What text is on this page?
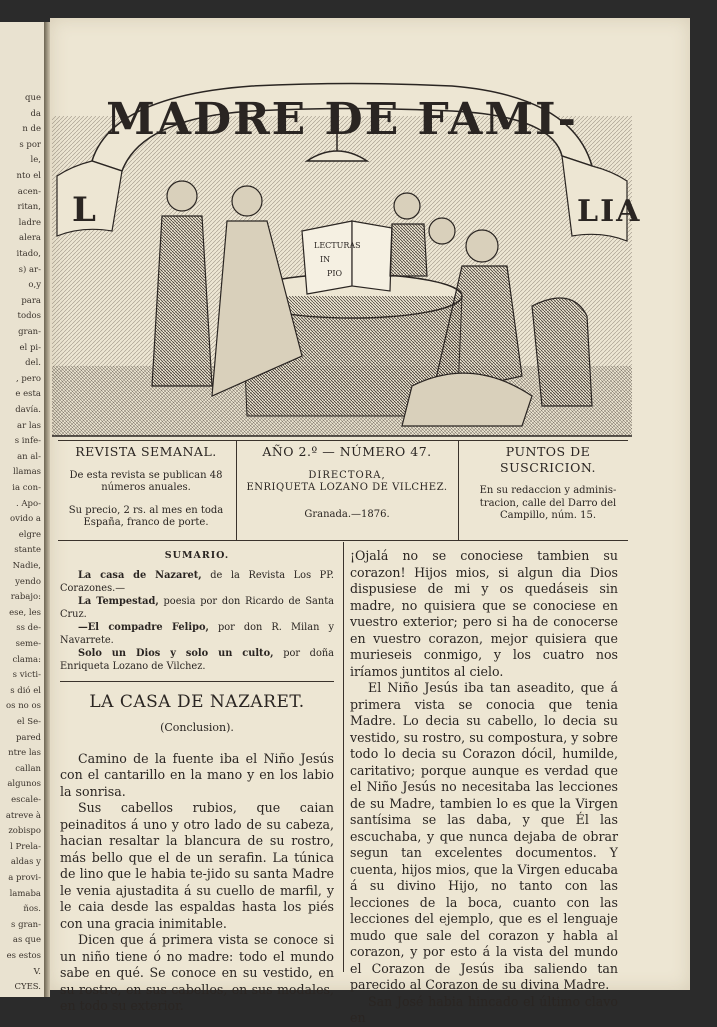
que
da
n de
s por
le,
nto el
acen-
ritan,
ladre
alera
itado,
s) ar-
o,y
para
todos
gran-
el pi-
del.
, pero
e esta
davía.
ar las
s infe-
an al-
llamas
ia con-
. Apo-
ovido a
elgre
stante
Nadie,
yendo
rabajo:
ese, les
ss de-
seme-
clama:
s victi-
s dió el
os no os
el Se-
pared
ntre las
callan
algunos
escale-
atreve à
zobispo
l Prela-
aldas y
a provi-
lamaba
ños.
s gran-
as que
es estos
V.
CYES.
MADRE DE FAMI-
L	LIA
LECTURAS
IN
PIO
REVISTA SEMANAL.
De esta revista se publican 48 números anuales.
Su precio, 2 rs. al mes en toda España, franco de porte.
AÑO 2.º — NÚMERO 47.
DIRECTORA,
ENRIQUETA LOZANO DE VILCHEZ.
Granada.—1876.
PUNTOS DE SUSCRICION.
En su redaccion y adminis- tracion, calle del Darro del Campillo, núm. 15.
SUMARIO.

La casa de Nazaret, de la Revista Los PP. Corazones.—

La Tempestad, poesia por don Ricardo de Santa Cruz.

—El compadre Felipo, por don R. Milan y Navarrete.

Solo un Dios y solo un culto, por doña Enriqueta Lozano de Vilchez.

LA CASA DE NAZARET.
(Conclusion).

Camino de la fuente iba el Niño Jesús con el cantarillo en la mano y en los labio la sonrisa.

Sus cabellos rubios, que caian peinaditos á uno y otro lado de su cabeza, hacian resaltar la blancura de su rostro, más bello que el de un serafin. La túnica de lino que le habia te-jido su santa Madre le venia ajustadita á su cuello de marfil, y le caia desde las espaldas hasta los piés con una gracia inimitable.

Dicen que á primera vista se conoce si un niño tiene ó no madre: todo el mundo sabe en qué. Se conoce en su vestido, en su rostro, en sus cabellos, en sus modales, en todo su exterior.

¡Ojalá no se conociese tambien su corazon! Hijos mios, si algun dia Dios dispusiese de mi y os quedáseis sin madre, no quisiera que se conociese en vuestro exterior; pero si ha de conocerse en vuestro corazon, mejor quisiera que murieseis conmigo, y los cuatro nos iríamos juntitos al cielo.

El Niño Jesús iba tan aseadito, que á primera vista se conocia que tenia Madre. Lo decia su cabello, lo decia su vestido, su rostro, su compostura, y sobre todo lo decia su Corazon dócil, humilde, caritativo; porque aunque es verdad que el Niño Jesús no necesitaba las lecciones de su Madre, tambien lo es que la Virgen santísima se las daba, y que Él las escuchaba, y que nunca dejaba de obrar segun tan excelentes documentos. Y cuenta, hijos mios, que la Virgen educaba á su divino Hijo, no tanto con las lecciones de la boca, cuanto con las lecciones del ejemplo, que es el lenguaje mudo que sale del corazon y habla al corazon, y por esto á la vista del mundo el Corazon de Jesús iba saliendo tan parecido al Corazon de su divina Madre.

San José habia hincado el último clavo en
